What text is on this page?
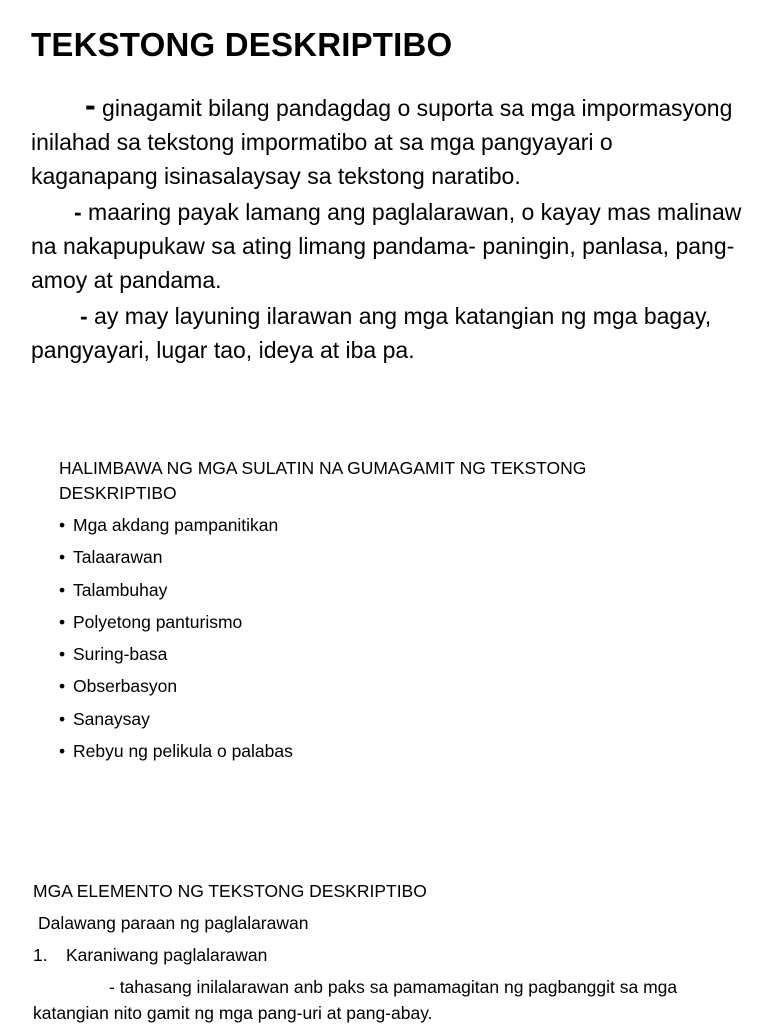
TEKSTONG DESKRIPTIBO

- ginagamit bilang pandagdag o suporta sa mga impormasyong inilahad sa tekstong impormatibo at sa mga pangyayari o kaganapang isinasalaysay sa tekstong naratibo.

- maaring payak lamang ang paglalarawan, o kayay mas malinaw na nakapupukaw sa ating limang pandama- paningin, panlasa, pang-amoy at pandama.

- ay may layuning ilarawan ang mga katangian ng mga bagay, pangyayari, lugar tao, ideya at iba pa.

HALIMBAWA NG MGA SULATIN NA GUMAGAMIT NG TEKSTONG DESKRIPTIBO
• Mga akdang pampanitikan
• Talaarawan
• Talambuhay
• Polyetong panturismo
• Suring-basa
• Obserbasyon
• Sanaysay
• Rebyu ng pelikula o palabas
MGA ELEMENTO NG TEKSTONG DESKRIPTIBO
Dalawang paraan ng paglalarawan
1. Karaniwang paglalarawan
- tahasang inilalarawan anb paks sa pamamagitan ng pagbanggit sa mga katangian nito gamit ng mga pang-uri at pang-abay.
